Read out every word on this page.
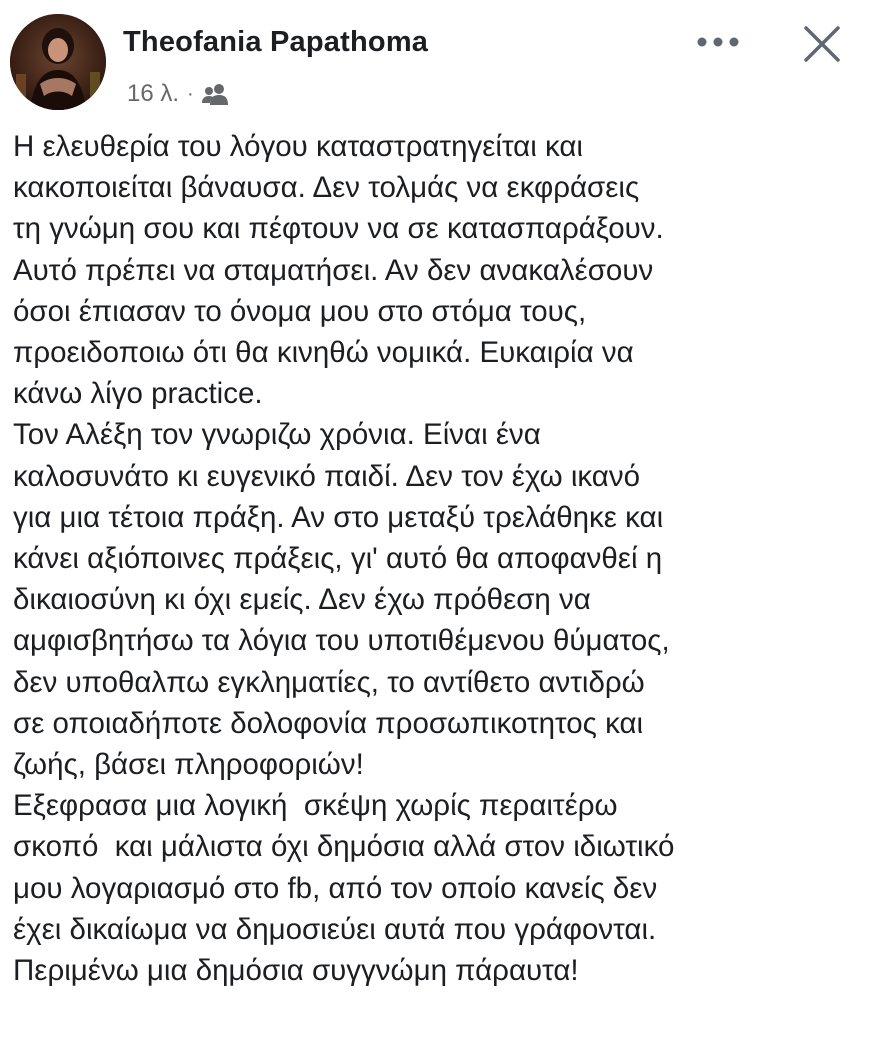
Theofania Papathoma
16 λ. ·
Η ελευθερία του λόγου καταστρατηγείται και
κακοποιείται βάναυσα. Δεν τολμάς να εκφράσεις
τη γνώμη σου και πέφτουν να σε κατασπαράξουν.
Αυτό πρέπει να σταματήσει. Αν δεν ανακαλέσουν
όσοι έπιασαν το όνομα μου στο στόμα τους,
προειδοποιω ότι θα κινηθώ νομικά. Ευκαιρία να
κάνω λίγο practice.
Τον Αλέξη τον γνωριζω χρόνια. Είναι ένα
καλοσυνάτο κι ευγενικό παιδί. Δεν τον έχω ικανό
για μια τέτοια πράξη. Αν στο μεταξύ τρελάθηκε και
κάνει αξιόποινες πράξεις, γι' αυτό θα αποφανθεί η
δικαιοσύνη κι όχι εμείς. Δεν έχω πρόθεση να
αμφισβητήσω τα λόγια του υποτιθέμενου θύματος,
δεν υποθαλπω εγκληματίες, το αντίθετο αντιδρώ
σε οποιαδήποτε δολοφονία προσωπικοτητος και
ζωής, βάσει πληροφοριών!
Εξεφρασα μια λογική  σκέψη χωρίς περαιτέρω
σκοπό  και μάλιστα όχι δημόσια αλλά στον ιδιωτικό
μου λογαριασμό στο fb, από τον οποίο κανείς δεν
έχει δικαίωμα να δημοσιεύει αυτά που γράφονται.
Περιμένω μια δημόσια συγγνώμη πάραυτα!
